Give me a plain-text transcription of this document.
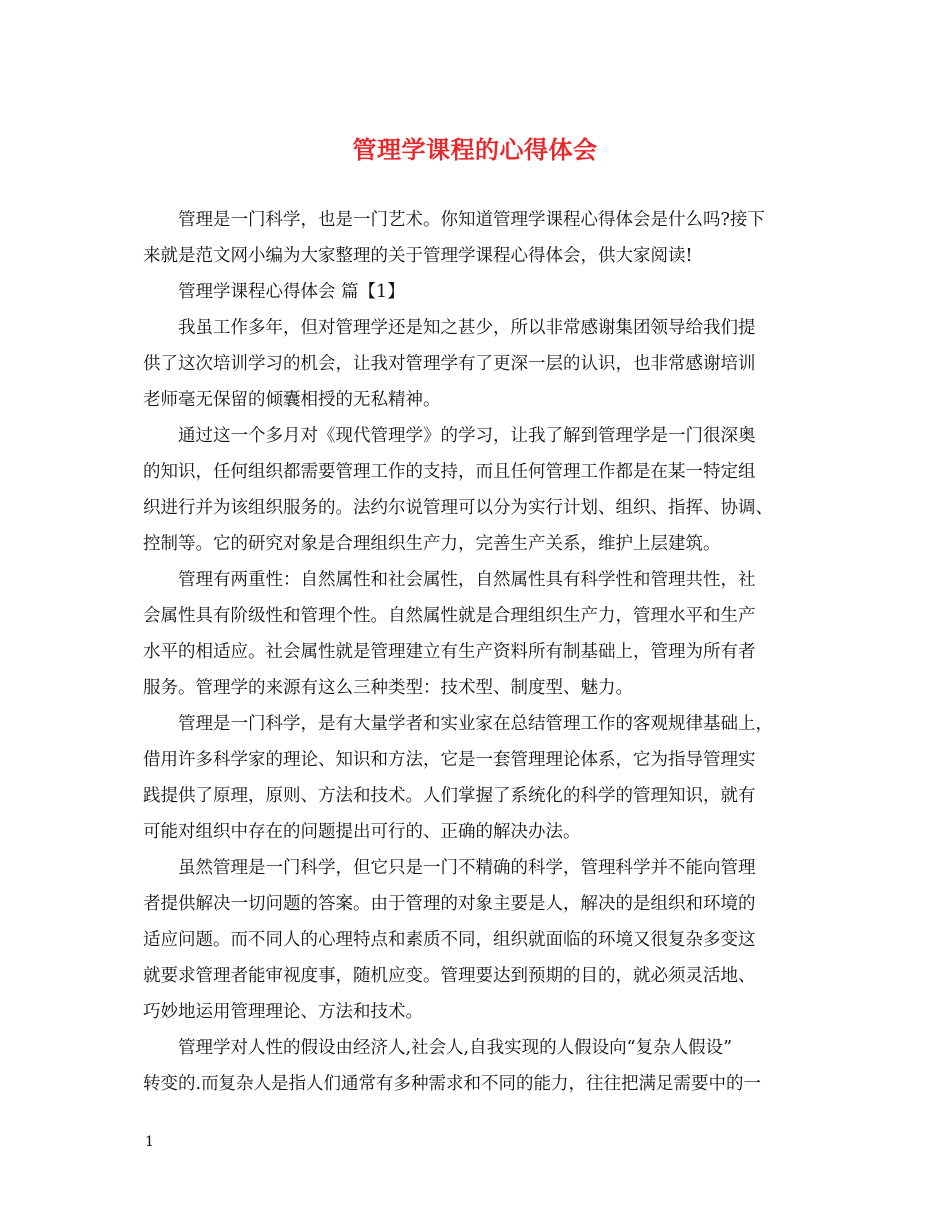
管理学课程的心得体会

管理是一门科学，也是一门艺术。你知道管理学课程心得体会是什么吗?接下

来就是范文网小编为大家整理的关于管理学课程心得体会，供大家阅读!

管理学课程心得体会 篇【1】

我虽工作多年，但对管理学还是知之甚少，所以非常感谢集团领导给我们提

供了这次培训学习的机会，让我对管理学有了更深一层的认识，也非常感谢培训

老师毫无保留的倾囊相授的无私精神。

通过这一个多月对《现代管理学》的学习，让我了解到管理学是一门很深奥

的知识，任何组织都需要管理工作的支持，而且任何管理工作都是在某一特定组

织进行并为该组织服务的。法约尔说管理可以分为实行计划、组织、指挥、协调、

控制等。它的研究对象是合理组织生产力，完善生产关系，维护上层建筑。

管理有两重性：自然属性和社会属性，自然属性具有科学性和管理共性，社

会属性具有阶级性和管理个性。自然属性就是合理组织生产力，管理水平和生产

水平的相适应。社会属性就是管理建立有生产资料所有制基础上，管理为所有者

服务。管理学的来源有这么三种类型：技术型、制度型、魅力。

管理是一门科学，是有大量学者和实业家在总结管理工作的客观规律基础上，

借用许多科学家的理论、知识和方法，它是一套管理理论体系，它为指导管理实

践提供了原理，原则、方法和技术。人们掌握了系统化的科学的管理知识，就有

可能对组织中存在的问题提出可行的、正确的解决办法。

虽然管理是一门科学，但它只是一门不精确的科学，管理科学并不能向管理

者提供解决一切问题的答案。由于管理的对象主要是人，解决的是组织和环境的

适应问题。而不同人的心理特点和素质不同，组织就面临的环境又很复杂多变这

就要求管理者能审视度事，随机应变。管理要达到预期的目的，就必须灵活地、

巧妙地运用管理理论、方法和技术。

管理学对人性的假设由经济人,社会人,自我实现的人假设向“复杂人假设”

转变的.而复杂人是指人们通常有多种需求和不同的能力，往往把满足需要中的一

1
